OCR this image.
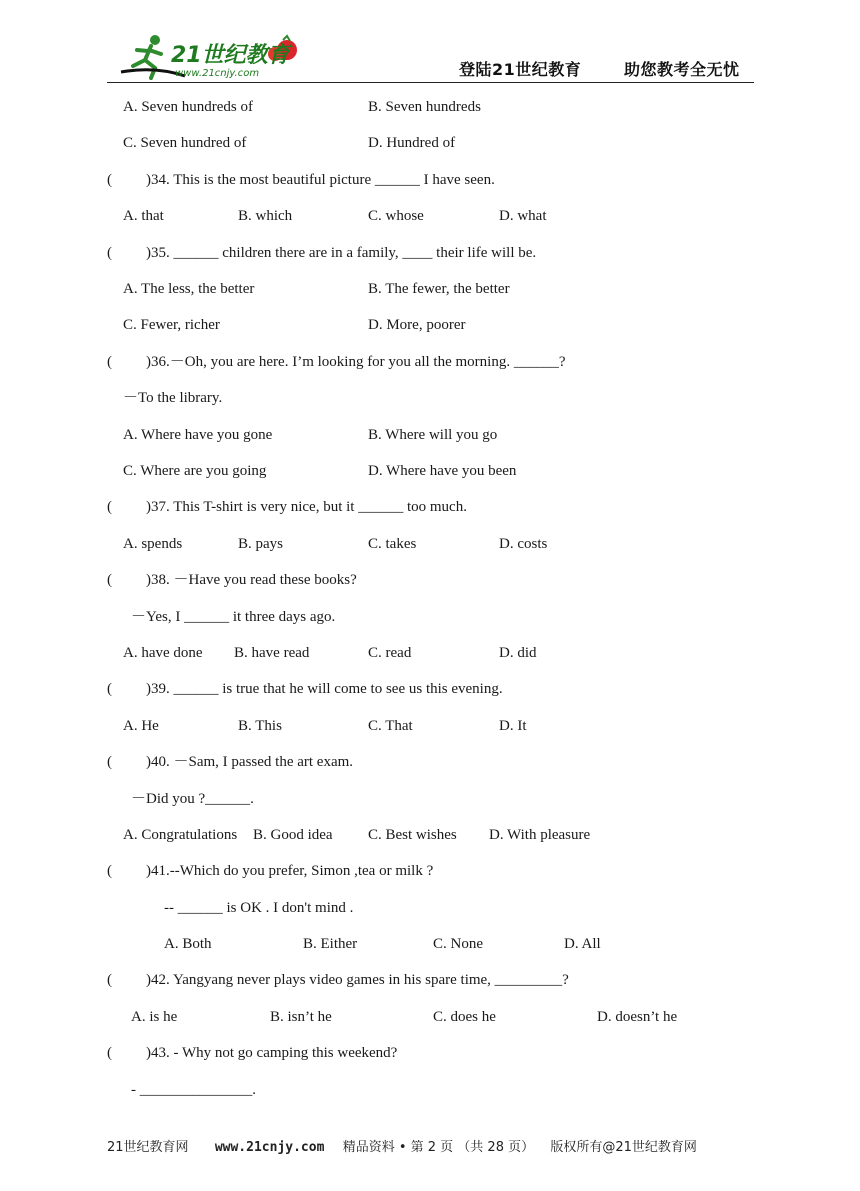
21世纪教育
www.21cnjy.com	登陆21世纪教育	助您教考全无忧
A. Seven hundreds of	B. Seven hundreds
C. Seven hundred of	D. Hundred of
( )34. This is the most beautiful picture ______ I have seen.
A. that	B. which	C. whose	D. what
( )35. ______ children there are in a family, ____ their life will be.
A. The less, the better	B. The fewer, the better
C. Fewer, richer	D. More, poorer
( )36.－Oh, you are here. I’m looking for you all the morning. ______?
－To the library.
A. Where have you gone	B. Where will you go
C. Where are you going	D. Where have you been
( )37. This T-shirt is very nice, but it ______ too much.
A. spends	B. pays	C. takes	D. costs
( )38. －Have you read these books?
－Yes, I ______ it three days ago.
A. have done B. have read	C. read	D. did
( )39. ______ is true that he will come to see us this evening.
A. He	B. This	C. That	D. It
( )40. －Sam, I passed the art exam.
－Did you ?______.
A. Congratulations B. Good idea C. Best wishes D. With pleasure
( )41.--Which do you prefer, Simon ,tea or milk ?
-- ______ is OK . I don't mind .
A. Both	B. Either	C. None	D. All
( )42. Yangyang never plays video games in his spare time, _________?
A. is he	B. isn’t he	C. does he	D. doesn’t he
( )43. - Why not go camping this weekend?
- _______________.
21世纪教育网 www.21cnjy.com 精品资料 • 第 2 页 （共 28 页） 版权所有@21世纪教育网
